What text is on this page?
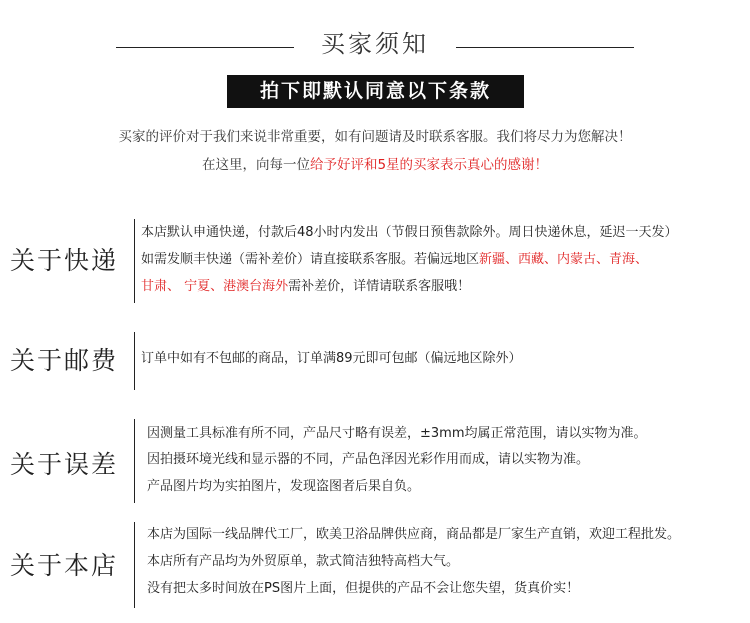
买家须知
拍下即默认同意以下条款
买家的评价对于我们来说非常重要，如有问题请及时联系客服。我们将尽力为您解决！
在这里，向每一位给予好评和5星的买家表示真心的感谢！
关于快递
本店默认申通快递，付款后48小时内发出（节假日预售款除外。周日快递休息，延迟一天发）
如需发顺丰快递（需补差价）请直接联系客服。若偏远地区新疆、西藏、内蒙古、青海、
甘肃、 宁夏、港澳台海外需补差价，详情请联系客服哦！
关于邮费 订单中如有不包邮的商品，订单满89元即可包邮（偏远地区除外）
关于误差
因测量工具标准有所不同，产品尺寸略有误差，±3mm均属正常范围，请以实物为准。
因拍摄环境光线和显示器的不同，产品色泽因光彩作用而成，请以实物为准。
产品图片均为实拍图片，发现盗图者后果自负。
关于本店
本店为国际一线品牌代工厂，欧美卫浴品牌供应商，商品都是厂家生产直销，欢迎工程批发。
本店所有产品均为外贸原单，款式简洁独特高档大气。
没有把太多时间放在PS图片上面，但提供的产品不会让您失望，货真价实！
